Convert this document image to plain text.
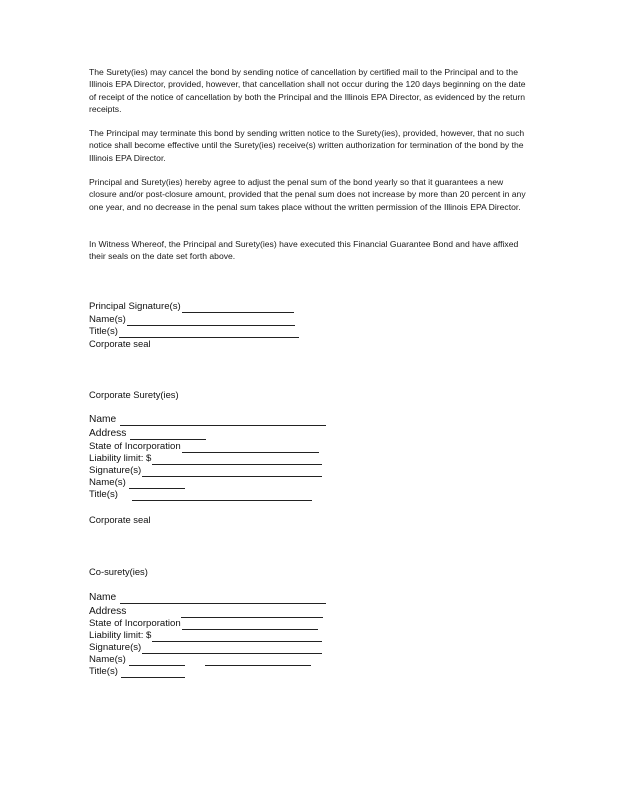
The Surety(ies) may cancel the bond by sending notice of cancellation by certified mail to the Principal and to the Illinois EPA Director, provided, however, that cancellation shall not occur during the 120 days beginning on the date of receipt of the notice of cancellation by both the Principal and the Illinois EPA Director, as evidenced by the return receipts.

The Principal may terminate this bond by sending written notice to the Surety(ies), provided, however, that no such notice shall become effective until the Surety(ies) receive(s) written authorization for termination of the bond by the Illinois EPA Director.

Principal and Surety(ies) hereby agree to adjust the penal sum of the bond yearly so that it guarantees a new closure and/or post-closure amount, provided that the penal sum does not increase by more than 20 percent in any one year, and no decrease in the penal sum takes place without the written permission of the Illinois EPA Director.

In Witness Whereof, the Principal and Surety(ies) have executed this Financial Guarantee Bond and have affixed their seals on the date set forth above.

Principal Signature(s)
Name(s)
Title(s)
Corporate seal
Corporate Surety(ies)
Name
Address
State of Incorporation
Liability limit: $
Signature(s)
Name(s)
Title(s)
Corporate seal
Co-surety(ies)
Name
Address
State of Incorporation
Liability limit: $
Signature(s)
Name(s)
Title(s)
